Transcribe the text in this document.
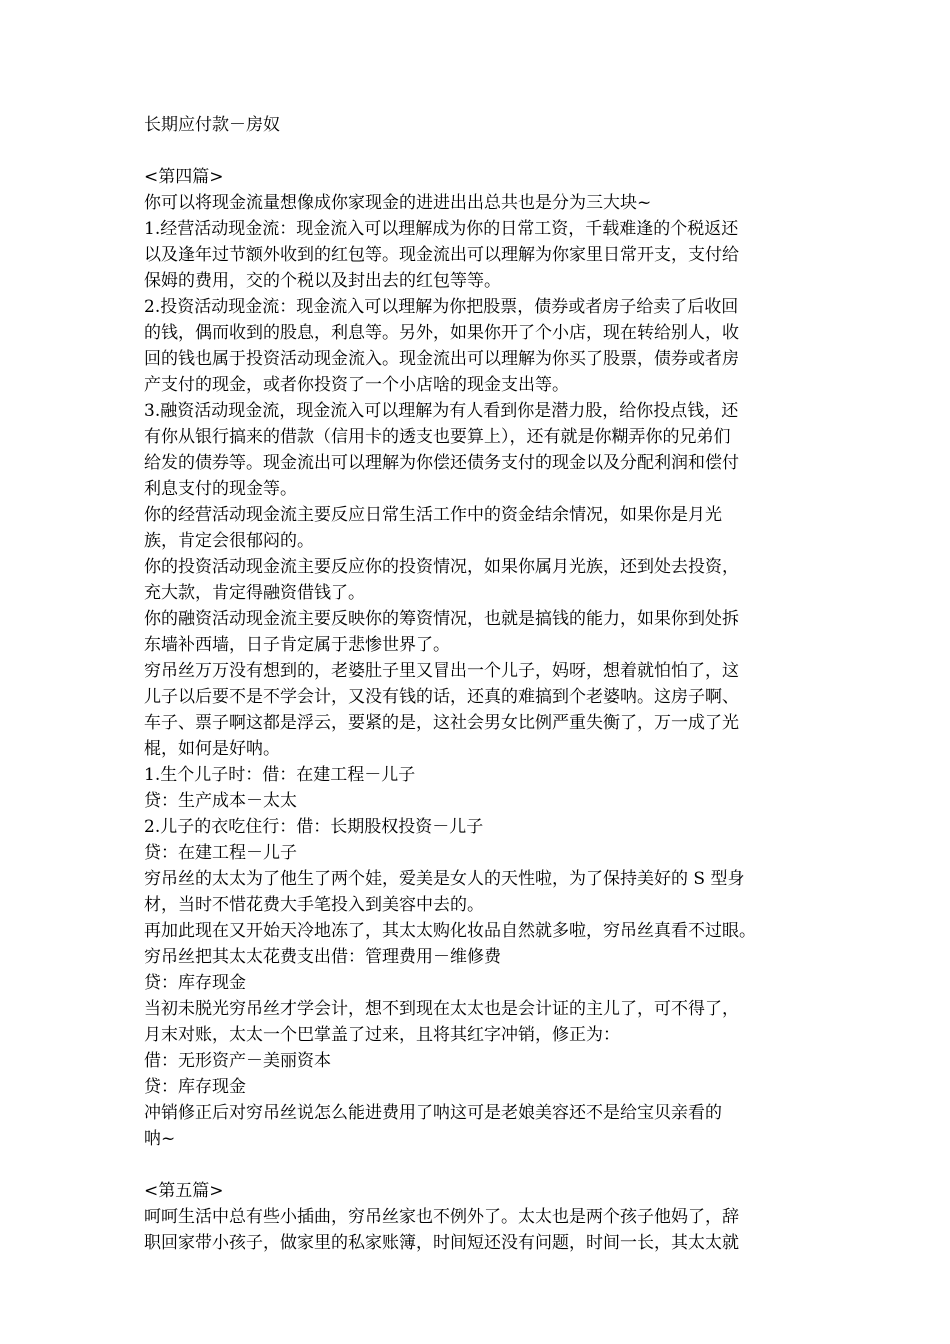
长期应付款－房奴
<第四篇>
你可以将现金流量想像成你家现金的进进出出总共也是分为三大块~
1.经营活动现金流：现金流入可以理解成为你的日常工资，千载难逢的个税返还
以及逢年过节额外收到的红包等。现金流出可以理解为你家里日常开支，支付给
保姆的费用，交的个税以及封出去的红包等等。
2.投资活动现金流：现金流入可以理解为你把股票，债券或者房子给卖了后收回
的钱，偶而收到的股息，利息等。另外，如果你开了个小店，现在转给别人，收
回的钱也属于投资活动现金流入。现金流出可以理解为你买了股票，债券或者房
产支付的现金，或者你投资了一个小店啥的现金支出等。
3.融资活动现金流，现金流入可以理解为有人看到你是潜力股，给你投点钱，还
有你从银行搞来的借款（信用卡的透支也要算上），还有就是你糊弄你的兄弟们
给发的债券等。现金流出可以理解为你偿还债务支付的现金以及分配利润和偿付
利息支付的现金等。
你的经营活动现金流主要反应日常生活工作中的资金结余情况，如果你是月光
族，肯定会很郁闷的。
你的投资活动现金流主要反应你的投资情况，如果你属月光族，还到处去投资，
充大款，肯定得融资借钱了。
你的融资活动现金流主要反映你的筹资情况，也就是搞钱的能力，如果你到处拆
东墙补西墙，日子肯定属于悲惨世界了。
穷吊丝万万没有想到的，老婆肚子里又冒出一个儿子，妈呀，想着就怕怕了，这
儿子以后要不是不学会计，又没有钱的话，还真的难搞到个老婆呐。这房子啊、
车子、票子啊这都是浮云，要紧的是，这社会男女比例严重失衡了，万一成了光
棍，如何是好呐。
1.生个儿子时：借：在建工程－儿子
贷：生产成本－太太
2.儿子的衣吃住行：借：长期股权投资－儿子
贷：在建工程－儿子
穷吊丝的太太为了他生了两个娃，爱美是女人的天性啦，为了保持美好的 S 型身
材，当时不惜花费大手笔投入到美容中去的。
再加此现在又开始天冷地冻了，其太太购化妆品自然就多啦，穷吊丝真看不过眼。
穷吊丝把其太太花费支出借：管理费用－维修费
贷：库存现金
当初未脱光穷吊丝才学会计，想不到现在太太也是会计证的主儿了，可不得了，
月末对账，太太一个巴掌盖了过来，且将其红字冲销，修正为：
借：无形资产－美丽资本
贷：库存现金
冲销修正后对穷吊丝说怎么能进费用了呐这可是老娘美容还不是给宝贝亲看的
呐~
<第五篇>
呵呵生活中总有些小插曲，穷吊丝家也不例外了。太太也是两个孩子他妈了，辞
职回家带小孩子，做家里的私家账簿，时间短还没有问题，时间一长，其太太就
